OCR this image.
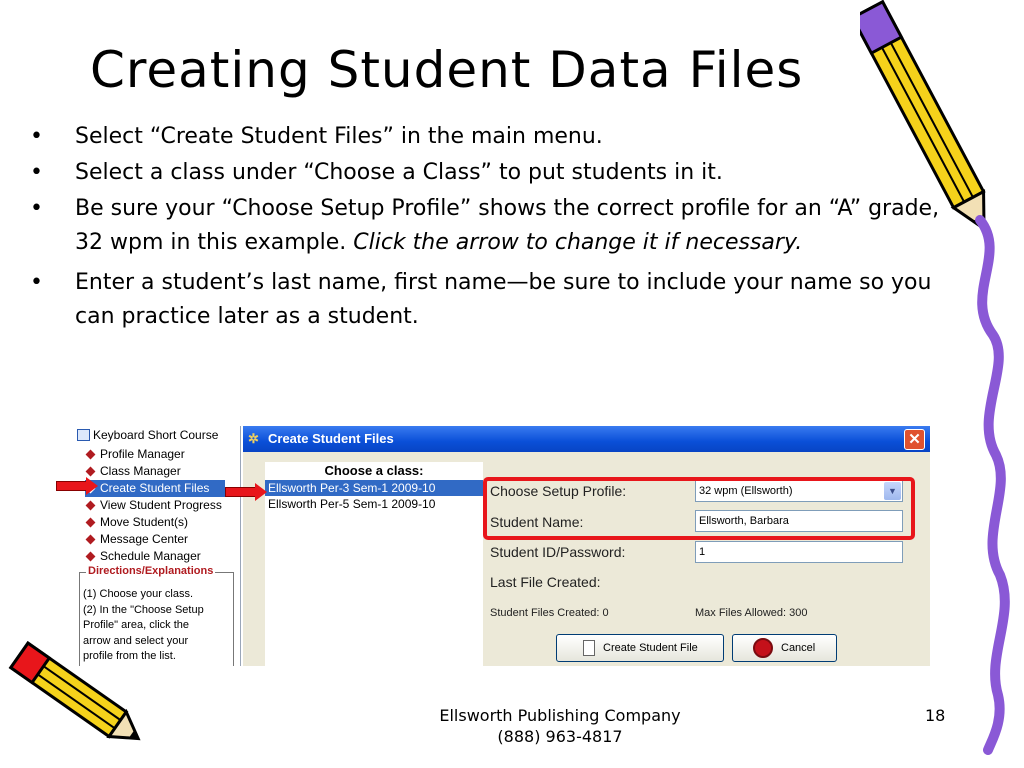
Creating Student Data Files
• Select “Create Student Files” in the main menu.
• Select a class under “Choose a Class” to put students in it.
• Be sure your “Choose Setup Profile” shows the correct profile for an “A” grade, 32 wpm in this example. Click the arrow to change it if necessary.
• Enter a student’s last name, first name—be sure to include your name so you can practice later as a student.
Keyboard Short Course
Profile Manager
Class Manager
Create Student Files
View Student Progress
Move Student(s)
Message Center
Schedule Manager
Directions/Explanations
(1) Choose your class.
(2) In the "Choose Setup
Profile" area, click the
arrow and select your
profile from the list.
✲ Create Student Files	✕
Choose a class:
Ellsworth Per-3 Sem-1 2009-10
Ellsworth Per-5 Sem-1 2009-10
Choose Setup Profile:	32 wpm (Ellsworth)	▼
Student Name:	Ellsworth, Barbara
Student ID/Password:	1
Last File Created:
Student Files Created: 0	Max Files Allowed: 300
Create Student File	Cancel
Ellsworth Publishing Company
(888) 963-4817
18
